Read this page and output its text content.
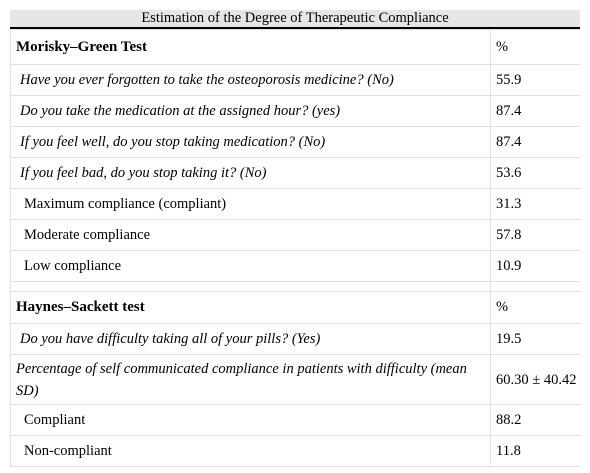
Estimation of the Degree of Therapeutic Compliance
Morisky–Green Test	%
Have you ever forgotten to take the osteoporosis medicine? (No)	55.9
Do you take the medication at the assigned hour? (yes)	87.4
If you feel well, do you stop taking medication? (No)	87.4
If you feel bad, do you stop taking it? (No)	53.6
Maximum compliance (compliant)	31.3
Moderate compliance	57.8
Low compliance	10.9

Haynes–Sackett test	%
Do you have difficulty taking all of your pills? (Yes)	19.5
Percentage of self communicated compliance in patients with difficulty (mean SD)	60.30 ± 40.42
Compliant	88.2
Non-compliant	11.8
